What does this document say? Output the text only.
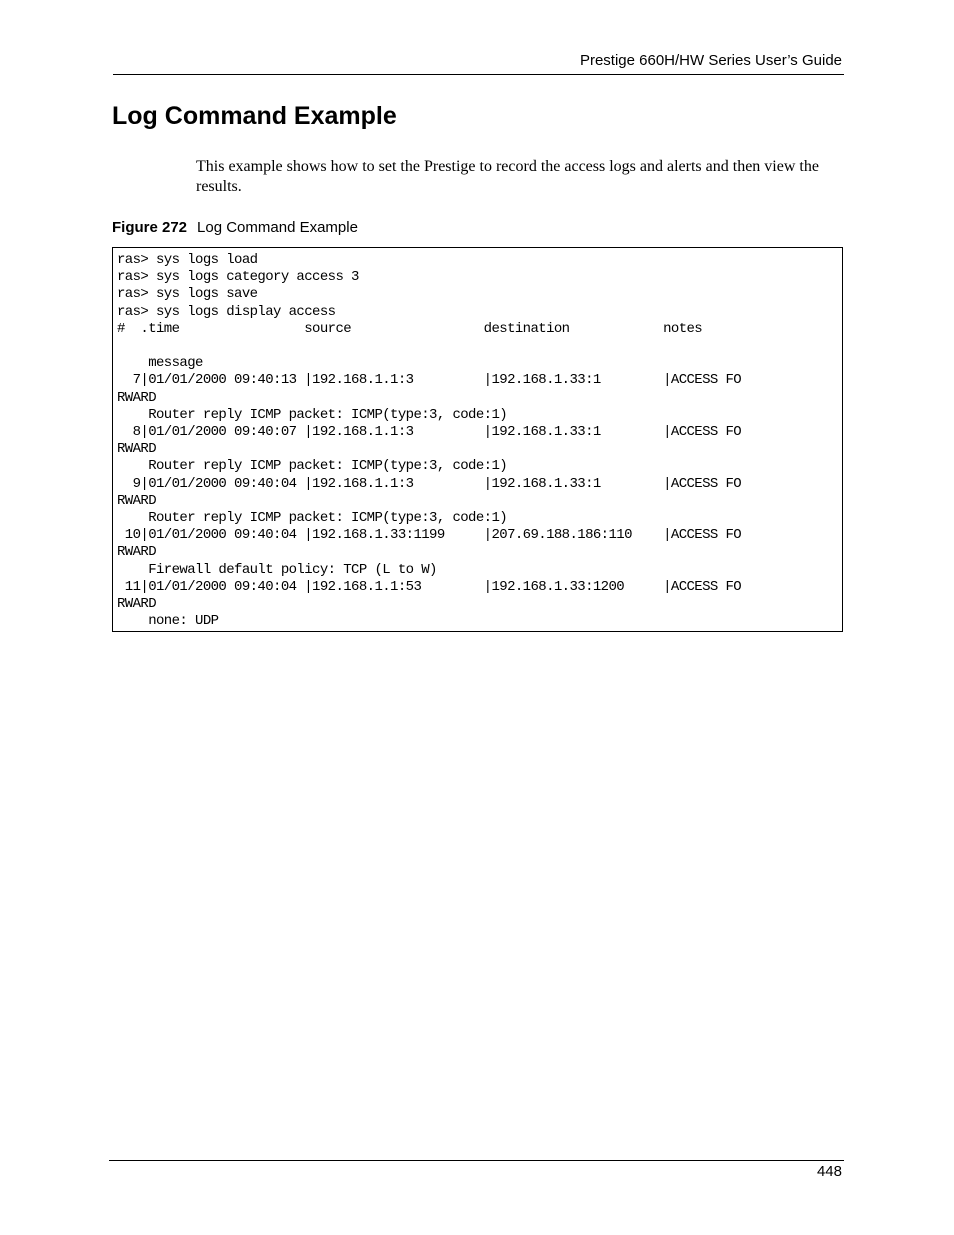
Prestige 660H/HW Series User’s Guide
Log Command Example

This example shows how to set the Prestige to record the access logs and alerts and then view the results.

Figure 272 Log Command Example
ras> sys logs load
ras> sys logs category access 3
ras> sys logs save
ras> sys logs display access
#  .time                source                 destination            notes

message
7|01/01/2000 09:40:13 |192.168.1.1:3         |192.168.1.33:1        |ACCESS FO
RWARD
Router reply ICMP packet: ICMP(type:3, code:1)
8|01/01/2000 09:40:07 |192.168.1.1:3         |192.168.1.33:1        |ACCESS FO
RWARD
Router reply ICMP packet: ICMP(type:3, code:1)
9|01/01/2000 09:40:04 |192.168.1.1:3         |192.168.1.33:1        |ACCESS FO
RWARD
Router reply ICMP packet: ICMP(type:3, code:1)
10|01/01/2000 09:40:04 |192.168.1.33:1199     |207.69.188.186:110    |ACCESS FO
RWARD
Firewall default policy: TCP (L to W)
11|01/01/2000 09:40:04 |192.168.1.1:53        |192.168.1.33:1200     |ACCESS FO
RWARD
none: UDP
448
